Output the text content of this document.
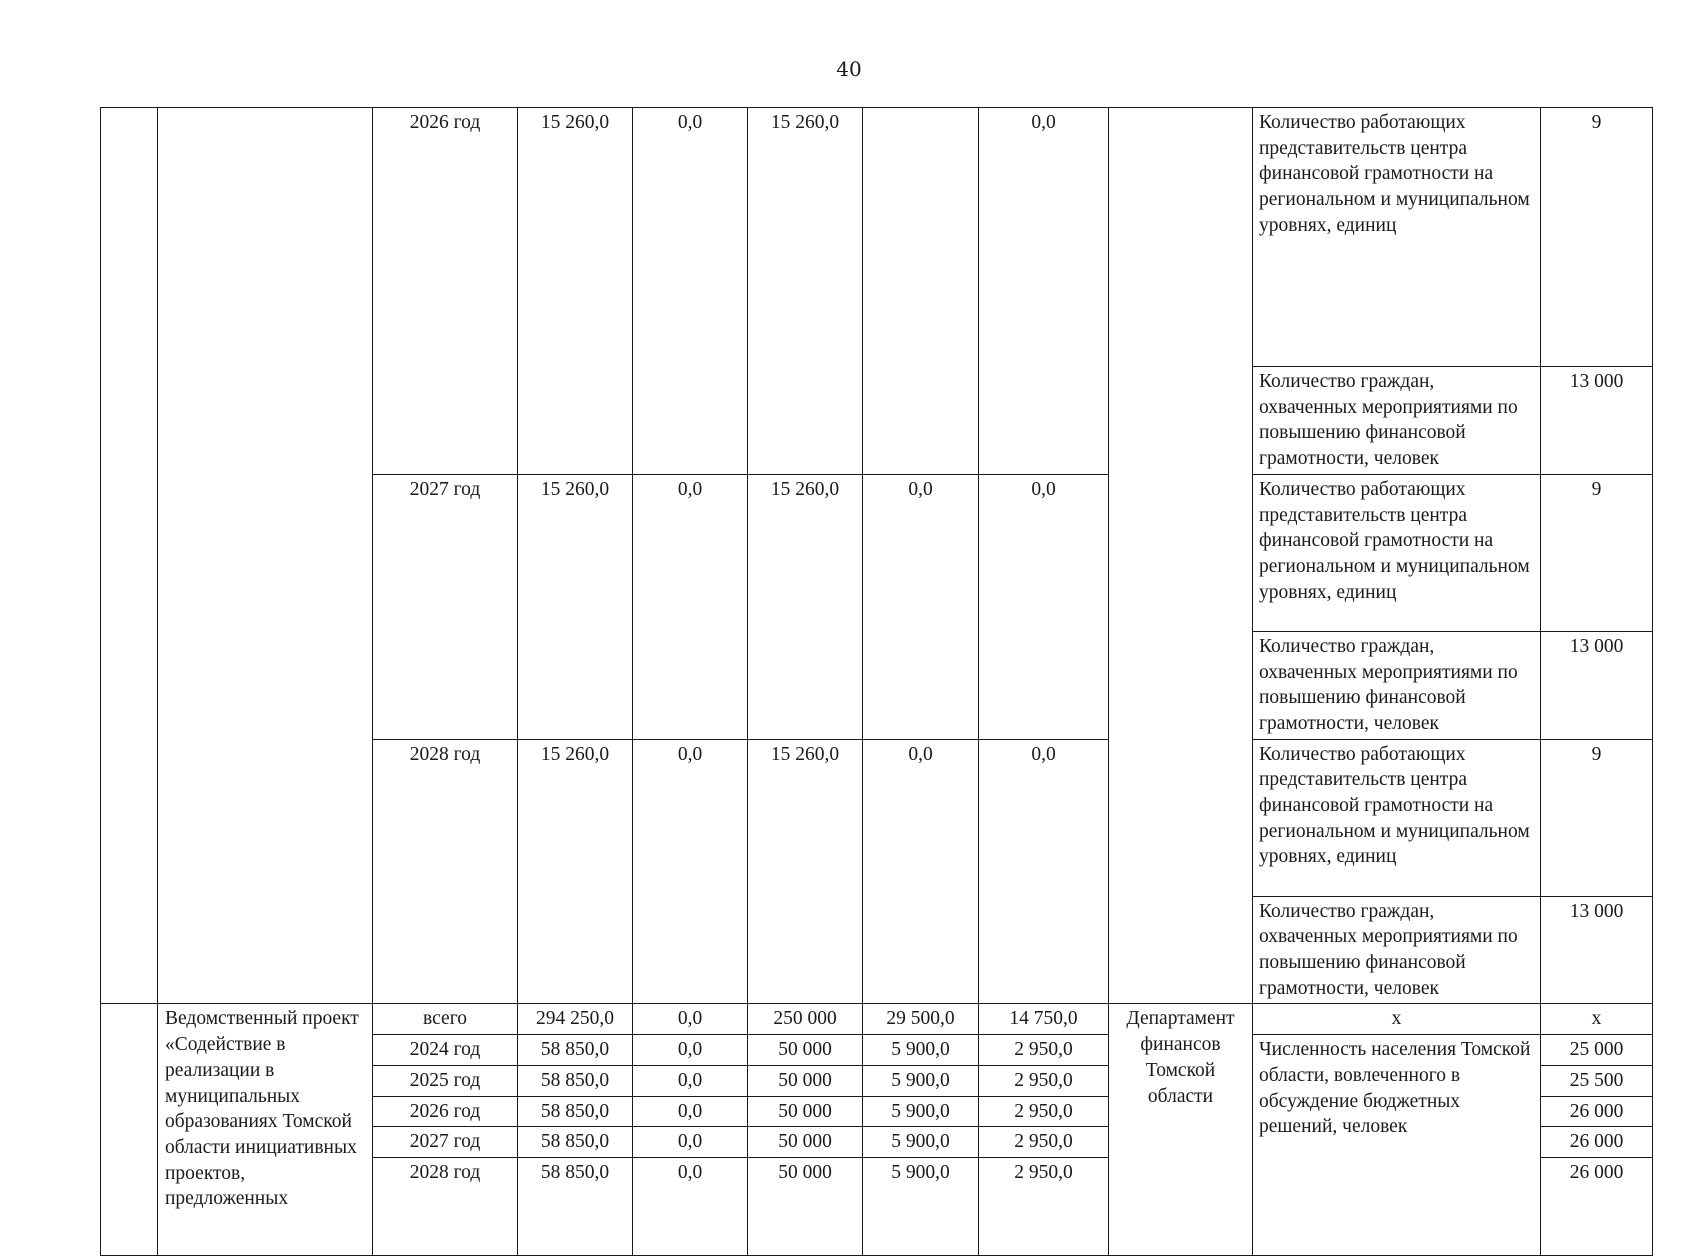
40
		2026 год	15 260,0	0,0	15 260,0		0,0		Количество работающих представительств центра финансовой грамотности на региональном и муниципальном уровнях, единиц	9
									Количество граждан, охваченных мероприятиями по повышению финансовой грамотности, человек	13 000
		2027 год	15 260,0	0,0	15 260,0	0,0	0,0		Количество работающих представительств центра финансовой грамотности на региональном и муниципальном уровнях, единиц	9
									Количество граждан, охваченных мероприятиями по повышению финансовой грамотности, человек	13 000
		2028 год	15 260,0	0,0	15 260,0	0,0	0,0		Количество работающих представительств центра финансовой грамотности на региональном и муниципальном уровнях, единиц	9
									Количество граждан, охваченных мероприятиями по повышению финансовой грамотности, человек	13 000
	Ведомственный проект «Содействие в реализации в муниципальных образованиях Томской области инициативных проектов, предложенных	всего	294 250,0	0,0	250 000	29 500,0	14 750,0	Департамент финансов Томской области	х	х
		2024 год	58 850,0	0,0	50 000	5 900,0	2 950,0		Численность населения Томской области, вовлеченного в обсуждение бюджетных решений, человек	25 000
		2025 год	58 850,0	0,0	50 000	5 900,0	2 950,0			25 500
		2026 год	58 850,0	0,0	50 000	5 900,0	2 950,0			26 000
		2027 год	58 850,0	0,0	50 000	5 900,0	2 950,0			26 000
		2028 год	58 850,0	0,0	50 000	5 900,0	2 950,0			26 000
